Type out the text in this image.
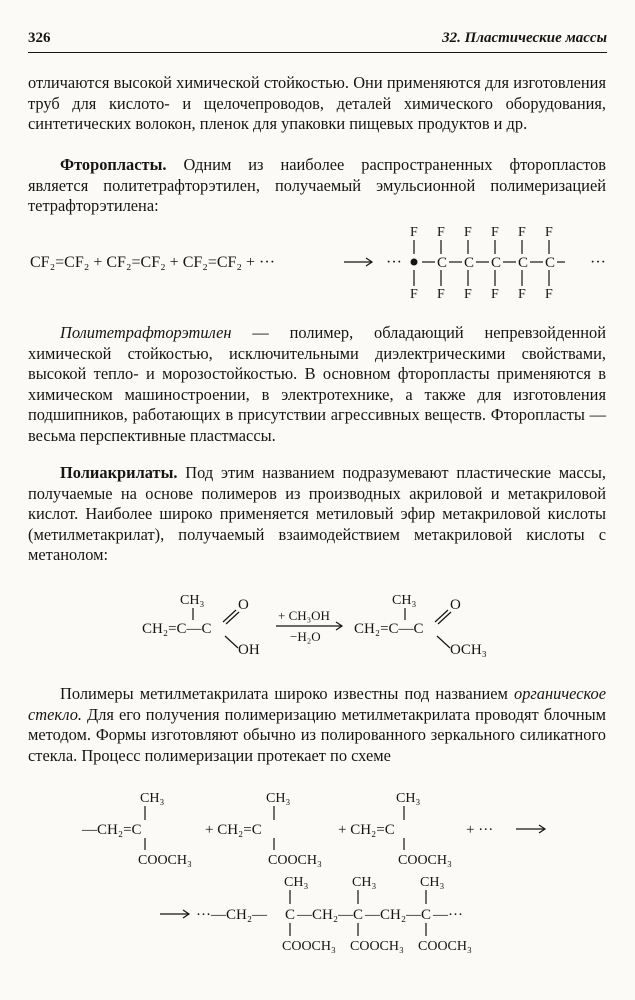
326	32. Пластические массы

отличаются высокой химической стойкостью. Они применяются для изготовления труб для кислото- и щелочепроводов, деталей химического оборудования, синтетических волокон, пленок для упаковки пищевых продуктов и др.

Фторопласты. Одним из наиболее распространенных фторопластов является политетрафторэтилен, получаемый эмульсионной полимеризацией тетрафторэтилена:

CF₂=CF₂ + CF₂=CF₂ + CF₂=CF₂ + ···	···	···
F
F
C
F
F
C
F
F
C
F
F
C
F
F
C
F
F

Политетрафторэтилен — полимер, обладающий непревзойденной химической стойкостью, исключительными диэлектрическими свойствами, высокой тепло- и морозостойкостью. В основном фторопласты применяются в химическом машиностроении, в электротехнике, а также для изготовления подшипников, работающих в присутствии агрессивных веществ. Фторопласты — весьма перспективные пластмассы.

Полиакрилаты. Под этим названием подразумевают пластические массы, получаемые на основе полимеров из производных акриловой и метакриловой кислот. Наиболее широко применяется метиловый эфир метакриловой кислоты (метилметакрилат), получаемый взаимодействием метакриловой кислоты с метанолом:

CH₃
CH₂=C—C
O
OH
+ CH₃OH
−H₂O
CH₃
CH₂=C—C
O
OCH₃

Полимеры метилметакрилата широко известны под названием органическое стекло. Для его получения полимеризацию метилметакрилата проводят блочным методом. Формы изготовляют обычно из полированного зеркального силикатного стекла. Процесс полимеризации протекает по схеме

CH₃
—CH₂=C
COOCH₃
CH₃
+ CH₂=C
COOCH₃
CH₃
+ CH₂=C
COOCH₃
+ ···
···—CH₂—
CH₃
C
COOCH₃
—CH₂—
CH₃
C
COOCH₃
—CH₂—
CH₃
C
COOCH₃
—···
